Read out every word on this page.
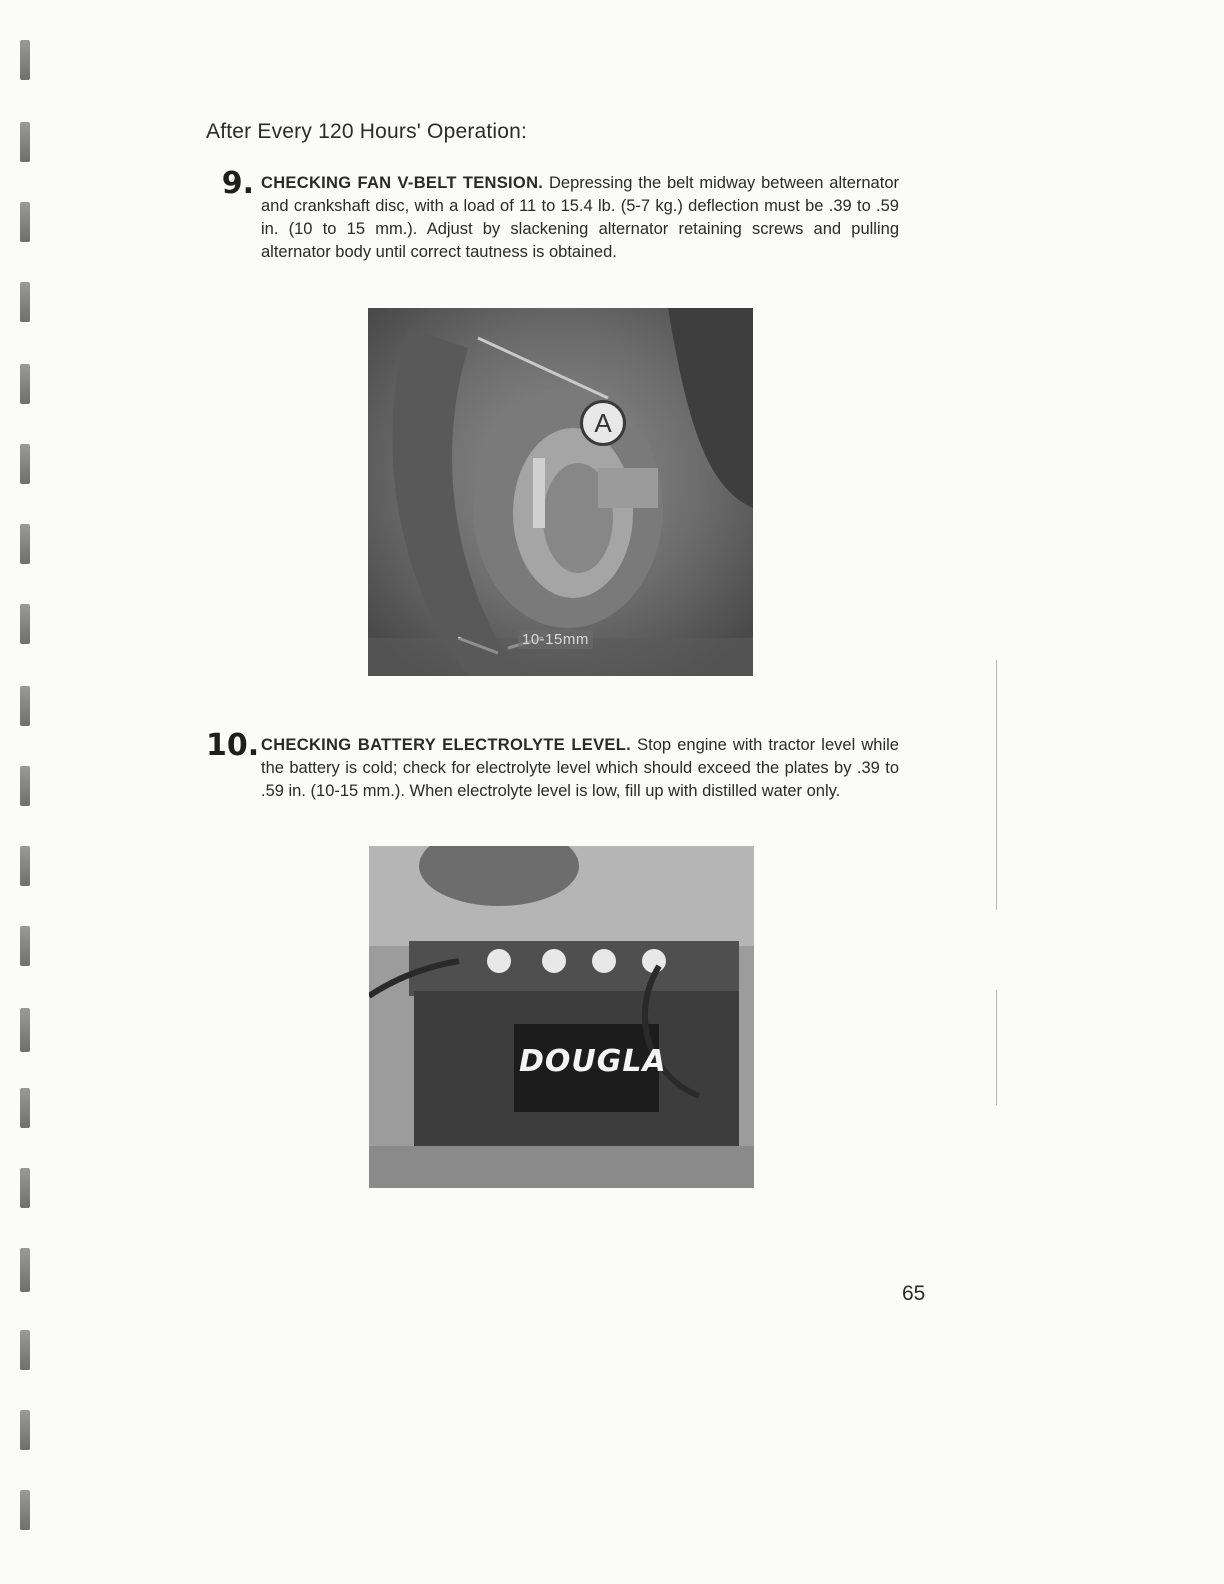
After Every 120 Hours' Operation:
9. CHECKING FAN V-BELT TENSION. Depressing the belt midway between alternator and crankshaft disc, with a load of 11 to 15.4 lb. (5-7 kg.) deflection must be .39 to .59 in. (10 to 15 mm.). Adjust by slackening alternator retaining screws and pulling alternator body until correct tautness is obtained.

A
10-15mm
10. CHECKING BATTERY ELECTROLYTE LEVEL. Stop engine with tractor level while the battery is cold; check for electrolyte level which should exceed the plates by .39 to .59 in. (10-15 mm.). When electrolyte level is low, fill up with distilled water only.

DOUGLA
65
